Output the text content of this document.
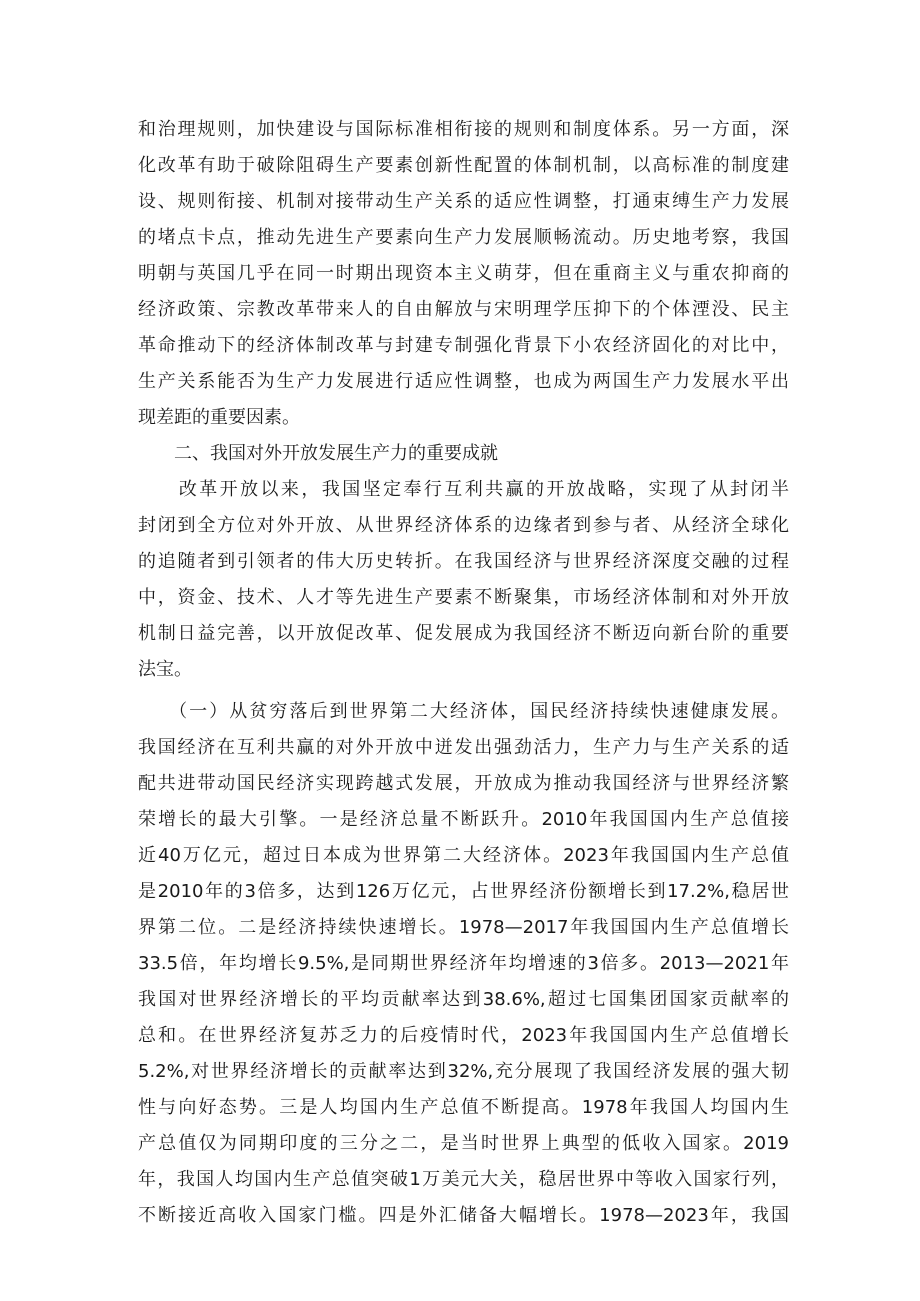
和治理规则，加快建设与国际标准相衔接的规则和制度体系。另一方面，深
化改革有助于破除阻碍生产要素创新性配置的体制机制，以高标准的制度建
设、规则衔接、机制对接带动生产关系的适应性调整，打通束缚生产力发展
的堵点卡点，推动先进生产要素向生产力发展顺畅流动。历史地考察，我国
明朝与英国几乎在同一时期出现资本主义萌芽，但在重商主义与重农抑商的
经济政策、宗教改革带来人的自由解放与宋明理学压抑下的个体湮没、民主
革命推动下的经济体制改革与封建专制强化背景下小农经济固化的对比中，
生产关系能否为生产力发展进行适应性调整，也成为两国生产力发展水平出
现差距的重要因素。
二、我国对外开放发展生产力的重要成就
　　改革开放以来，我国坚定奉行互利共赢的开放战略，实现了从封闭半
封闭到全方位对外开放、从世界经济体系的边缘者到参与者、从经济全球化
的追随者到引领者的伟大历史转折。在我国经济与世界经济深度交融的过程
中，资金、技术、人才等先进生产要素不断聚集，市场经济体制和对外开放
机制日益完善，以开放促改革、促发展成为我国经济不断迈向新台阶的重要
法宝。
　　（一）从贫穷落后到世界第二大经济体，国民经济持续快速健康发展。
我国经济在互利共赢的对外开放中迸发出强劲活力，生产力与生产关系的适
配共进带动国民经济实现跨越式发展，开放成为推动我国经济与世界经济繁
荣增长的最大引擎。一是经济总量不断跃升。2010年我国国内生产总值接
近40万亿元，超过日本成为世界第二大经济体。2023年我国国内生产总值
是2010年的3倍多，达到126万亿元，占世界经济份额增长到17.2%,稳居世
界第二位。二是经济持续快速增长。1978—2017年我国国内生产总值增长
33.5倍，年均增长9.5%,是同期世界经济年均增速的3倍多。2013—2021年
我国对世界经济增长的平均贡献率达到38.6%,超过七国集团国家贡献率的
总和。在世界经济复苏乏力的后疫情时代，2023年我国国内生产总值增长
5.2%,对世界经济增长的贡献率达到32%,充分展现了我国经济发展的强大韧
性与向好态势。三是人均国内生产总值不断提高。1978年我国人均国内生
产总值仅为同期印度的三分之二，是当时世界上典型的低收入国家。2019
年，我国人均国内生产总值突破1万美元大关，稳居世界中等收入国家行列，
不断接近高收入国家门槛。四是外汇储备大幅增长。1978—2023年，我国
